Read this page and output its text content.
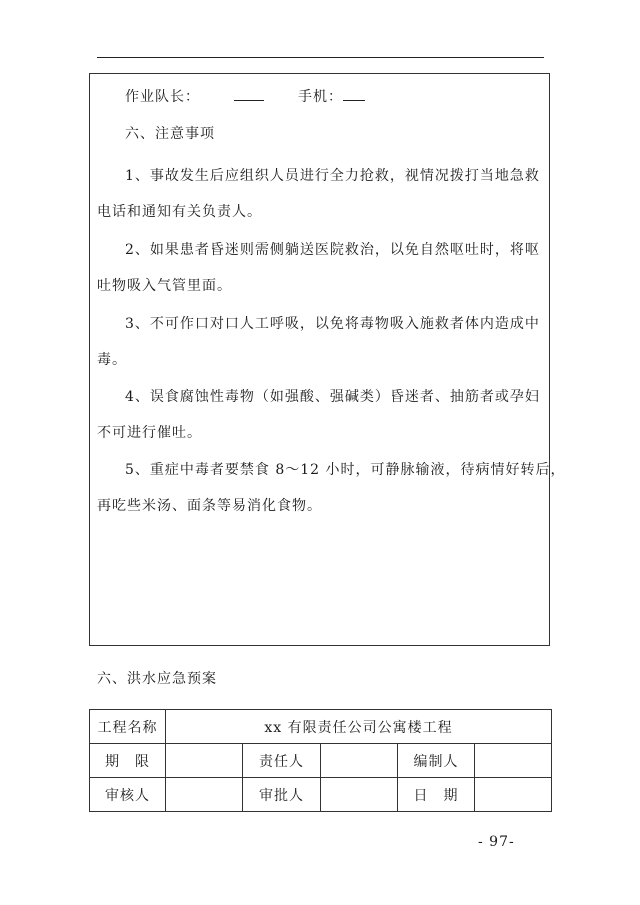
作业队长：	手机：
六、注意事项
1、事故发生后应组织人员进行全力抢救，视情况拨打当地急救
电话和通知有关负责人。
2、如果患者昏迷则需侧躺送医院救治，以免自然呕吐时，将呕
吐物吸入气管里面。
3、不可作口对口人工呼吸，以免将毒物吸入施救者体内造成中
毒。
4、误食腐蚀性毒物（如强酸、强碱类）昏迷者、抽筋者或孕妇
不可进行催吐。
5、重症中毒者要禁食 8～12 小时，可静脉输液，待病情好转后，
再吃些米汤、面条等易消化食物。
六、洪水应急预案
工程名称	xx 有限责任公司公寓楼工程				
期　限		责任人		编制人	
审核人		审批人		日　期	
- 97-
